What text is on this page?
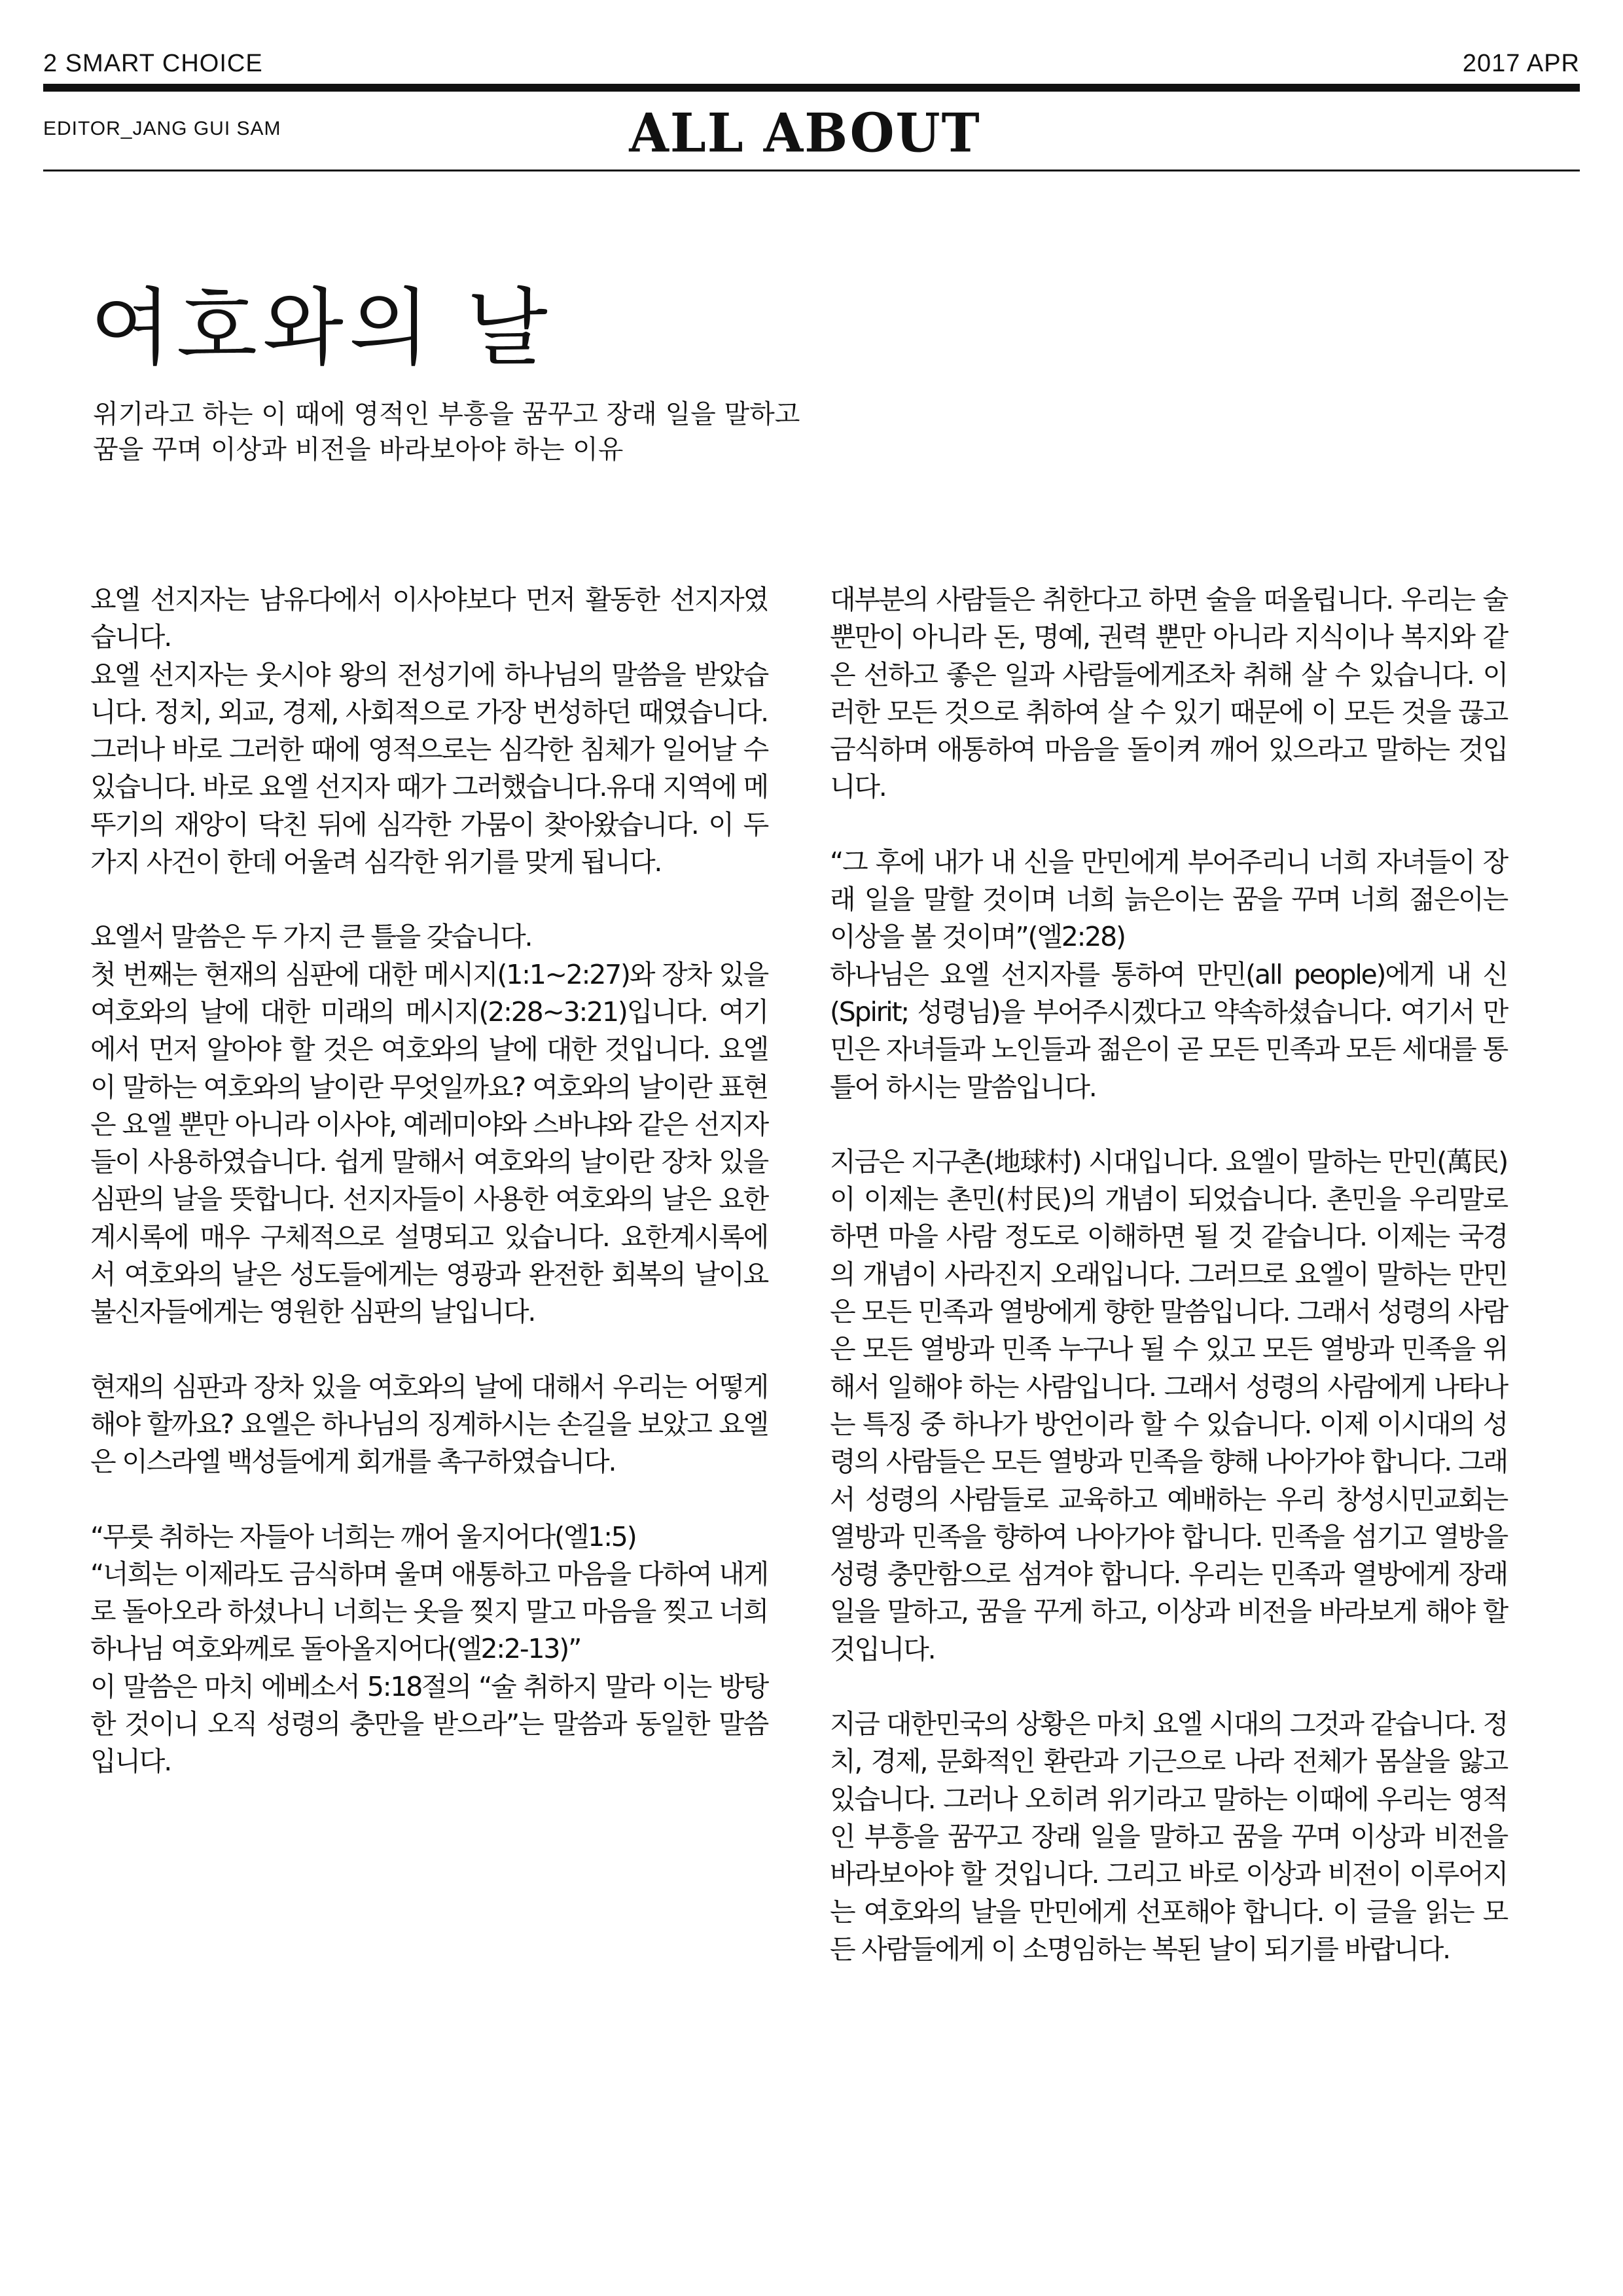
2 SMART CHOICE	2017 APR
EDITOR_JANG GUI SAM	ALL ABOUT
여호와의 날
위기라고 하는 이 때에 영적인 부흥을 꿈꾸고 장래 일을 말하고
꿈을 꾸며 이상과 비전을 바라보아야 하는 이유

요엘 선지자는 남유다에서 이사야보다 먼저 활동한 선지자였습니다.

요엘 선지자는 웃시야 왕의 전성기에 하나님의 말씀을 받았습니다. 정치, 외교, 경제, 사회적으로 가장 번성하던 때였습니다. 그러나 바로 그러한 때에 영적으로는 심각한 침체가 일어날 수 있습니다. 바로 요엘 선지자 때가 그러했습니다.유대 지역에 메뚜기의 재앙이 닥친 뒤에 심각한 가뭄이 찾아왔습니다. 이 두 가지 사건이 한데 어울려 심각한 위기를 맞게 됩니다.

요엘서 말씀은 두 가지 큰 틀을 갖습니다.

첫 번째는 현재의 심판에 대한 메시지(1:1~2:27)와 장차 있을 여호와의 날에 대한 미래의 메시지(2:28~3:21)입니다. 여기에서 먼저 알아야 할 것은 여호와의 날에 대한 것입니다. 요엘이 말하는 여호와의 날이란 무엇일까요? 여호와의 날이란 표현은 요엘 뿐만 아니라 이사야, 예레미야와 스바냐와 같은 선지자들이 사용하였습니다. 쉽게 말해서 여호와의 날이란 장차 있을 심판의 날을 뜻합니다. 선지자들이 사용한 여호와의 날은 요한계시록에 매우 구체적으로 설명되고 있습니다. 요한계시록에서 여호와의 날은 성도들에게는 영광과 완전한 회복의 날이요 불신자들에게는 영원한 심판의 날입니다.

현재의 심판과 장차 있을 여호와의 날에 대해서 우리는 어떻게 해야 할까요? 요엘은 하나님의 징계하시는 손길을 보았고 요엘은 이스라엘 백성들에게 회개를 촉구하였습니다.

“무릇 취하는 자들아 너희는 깨어 울지어다(엘1:5)

“너희는 이제라도 금식하며 울며 애통하고 마음을 다하여 내게로 돌아오라 하셨나니 너희는 옷을 찢지 말고 마음을 찢고 너희 하나님 여호와께로 돌아올지어다(엘2:2-13)”

이 말씀은 마치 에베소서 5:18절의 “술 취하지 말라 이는 방탕한 것이니 오직 성령의 충만을 받으라”는 말씀과 동일한 말씀입니다.

대부분의 사람들은 취한다고 하면 술을 떠올립니다. 우리는 술뿐만이 아니라 돈, 명예, 권력 뿐만 아니라 지식이나 복지와 같은 선하고 좋은 일과 사람들에게조차 취해 살 수 있습니다. 이러한 모든 것으로 취하여 살 수 있기 때문에 이 모든 것을 끊고 금식하며 애통하여 마음을 돌이켜 깨어 있으라고 말하는 것입니다.

“그 후에 내가 내 신을 만민에게 부어주리니 너희 자녀들이 장래 일을 말할 것이며 너희 늙은이는 꿈을 꾸며 너희 젊은이는 이상을 볼 것이며”(엘2:28)

하나님은 요엘 선지자를 통하여 만민(all people)에게 내 신(Spirit; 성령님)을 부어주시겠다고 약속하셨습니다. 여기서 만민은 자녀들과 노인들과 젊은이 곧 모든 민족과 모든 세대를 통틀어 하시는 말씀입니다.

지금은 지구촌(地球村) 시대입니다. 요엘이 말하는 만민(萬民)이 이제는 촌민(村民)의 개념이 되었습니다. 촌민을 우리말로 하면 마을 사람 정도로 이해하면 될 것 같습니다. 이제는 국경의 개념이 사라진지 오래입니다. 그러므로 요엘이 말하는 만민은 모든 민족과 열방에게 향한 말씀입니다. 그래서 성령의 사람은 모든 열방과 민족 누구나 될 수 있고 모든 열방과 민족을 위해서 일해야 하는 사람입니다. 그래서 성령의 사람에게 나타나는 특징 중 하나가 방언이라 할 수 있습니다. 이제 이시대의 성령의 사람들은 모든 열방과 민족을 향해 나아가야 합니다. 그래서 성령의 사람들로 교육하고 예배하는 우리 창성시민교회는 열방과 민족을 향하여 나아가야 합니다. 민족을 섬기고 열방을 성령 충만함으로 섬겨야 합니다. 우리는 민족과 열방에게 장래 일을 말하고, 꿈을 꾸게 하고, 이상과 비전을 바라보게 해야 할 것입니다.

지금 대한민국의 상황은 마치 요엘 시대의 그것과 같습니다. 정치, 경제, 문화적인 환란과 기근으로 나라 전체가 몸살을 앓고 있습니다. 그러나 오히려 위기라고 말하는 이때에 우리는 영적인 부흥을 꿈꾸고 장래 일을 말하고 꿈을 꾸며 이상과 비전을 바라보아야 할 것입니다. 그리고 바로 이상과 비전이 이루어지는 여호와의 날을 만민에게 선포해야 합니다. 이 글을 읽는 모든 사람들에게 이 소명임하는 복된 날이 되기를 바랍니다.
